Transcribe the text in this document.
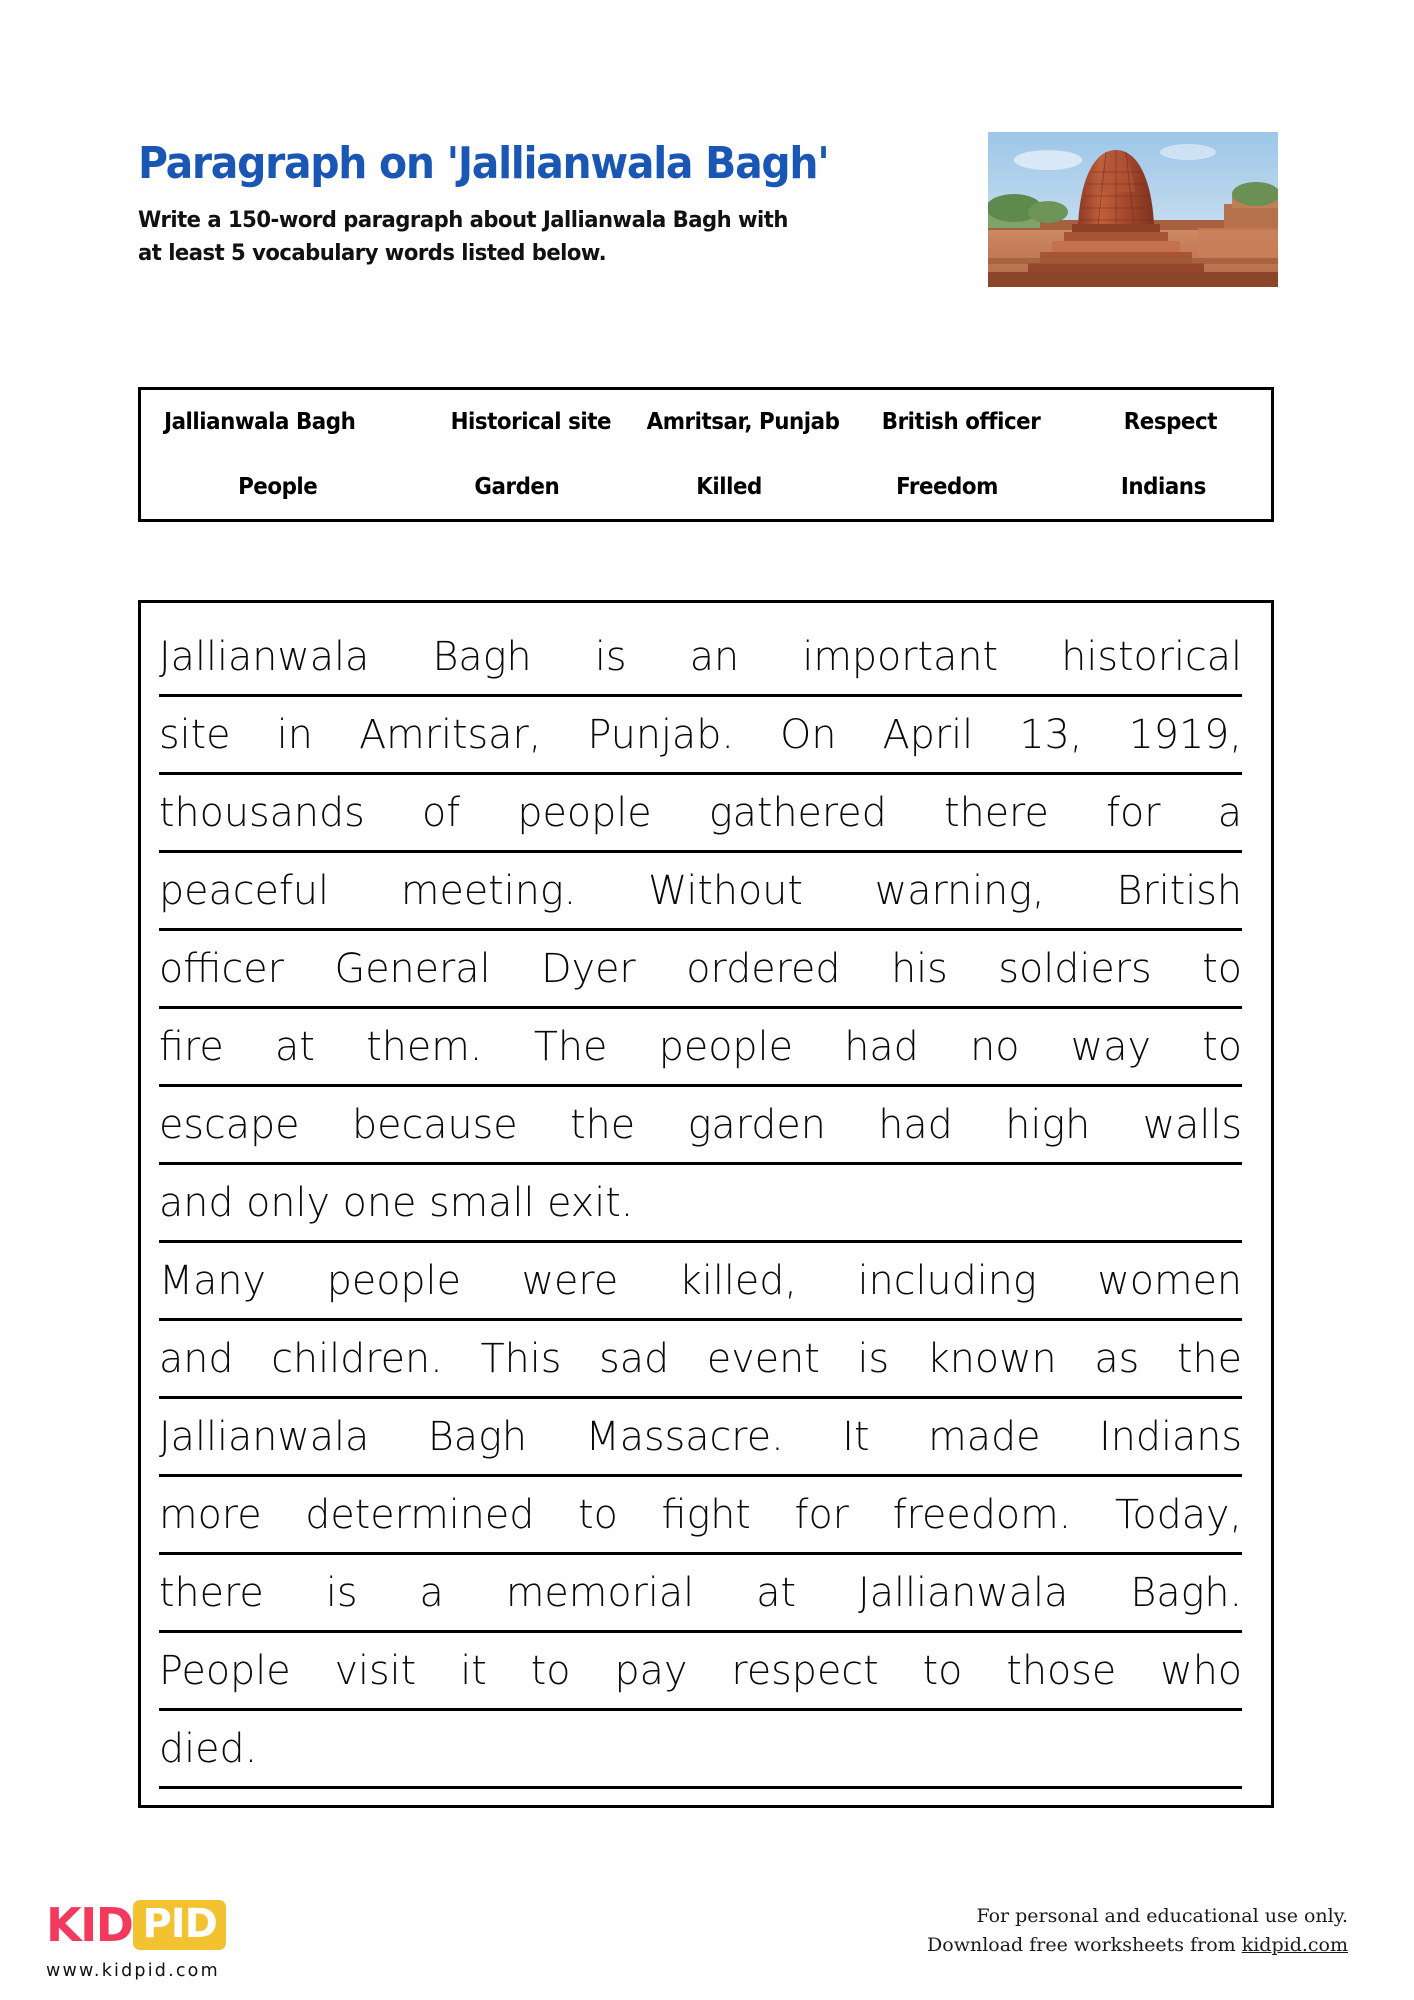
Paragraph on 'Jallianwala Bagh'
Write a 150-word paragraph about Jallianwala Bagh with at least 5 vocabulary words listed below.
Jallianwala Bagh	Historical site	Amritsar, Punjab	British officer	Respect
People	Garden	Killed	Freedom	Indians
Jallianwala Bagh is an important historical
site in Amritsar, Punjab. On April 13, 1919,
thousands of people gathered there for a
peaceful meeting. Without warning, British
officer General Dyer ordered his soldiers to
fire at them. The people had no way to
escape because the garden had high walls
and only one small exit.
Many people were killed, including women
and children. This sad event is known as the
Jallianwala Bagh Massacre. It made Indians
more determined to fight for freedom. Today,
there is a memorial at Jallianwala Bagh.
People visit it to pay respect to those who
died.
KID PID
www.kidpid.com
For personal and educational use only.
Download free worksheets from kidpid.com
